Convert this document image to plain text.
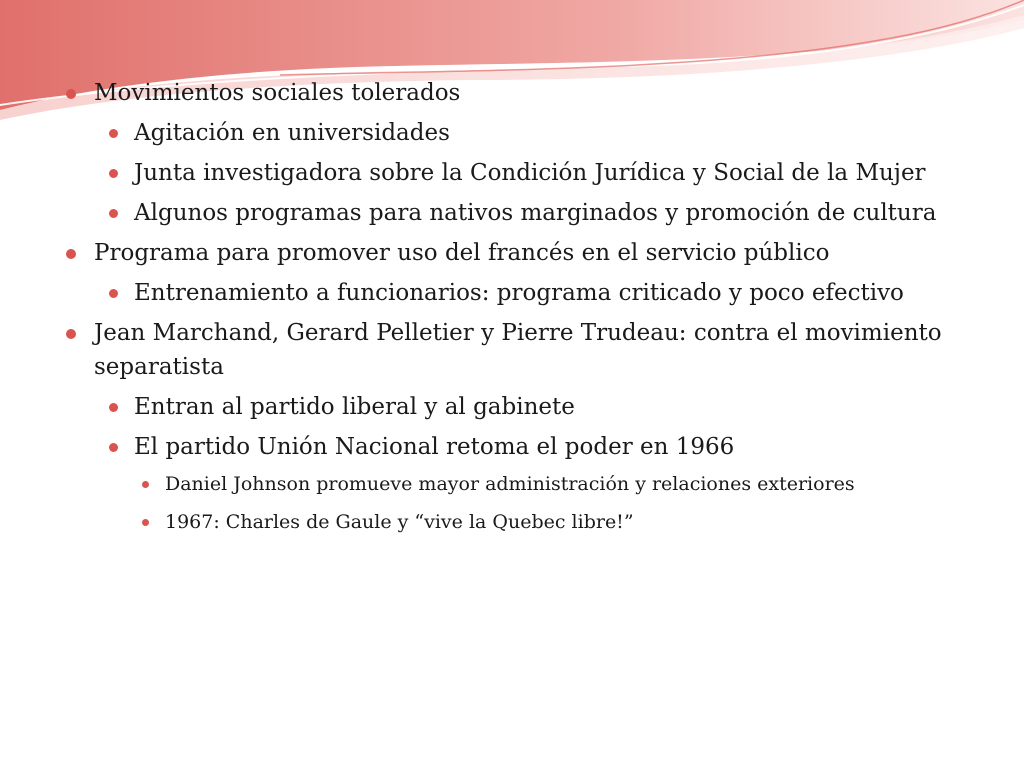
Movimientos sociales tolerados
Agitación en universidades
Junta investigadora sobre la Condición Jurídica y Social de la Mujer
Algunos programas para nativos marginados y promoción de cultura
Programa para promover uso del francés en el servicio público
Entrenamiento a funcionarios: programa criticado y poco efectivo
Jean Marchand, Gerard Pelletier y Pierre Trudeau: contra el movimiento separatista
Entran al partido liberal y al gabinete
El partido Unión Nacional retoma el poder en 1966
Daniel Johnson promueve mayor administración y relaciones exteriores
1967: Charles de Gaule y “vive la Quebec libre!”
